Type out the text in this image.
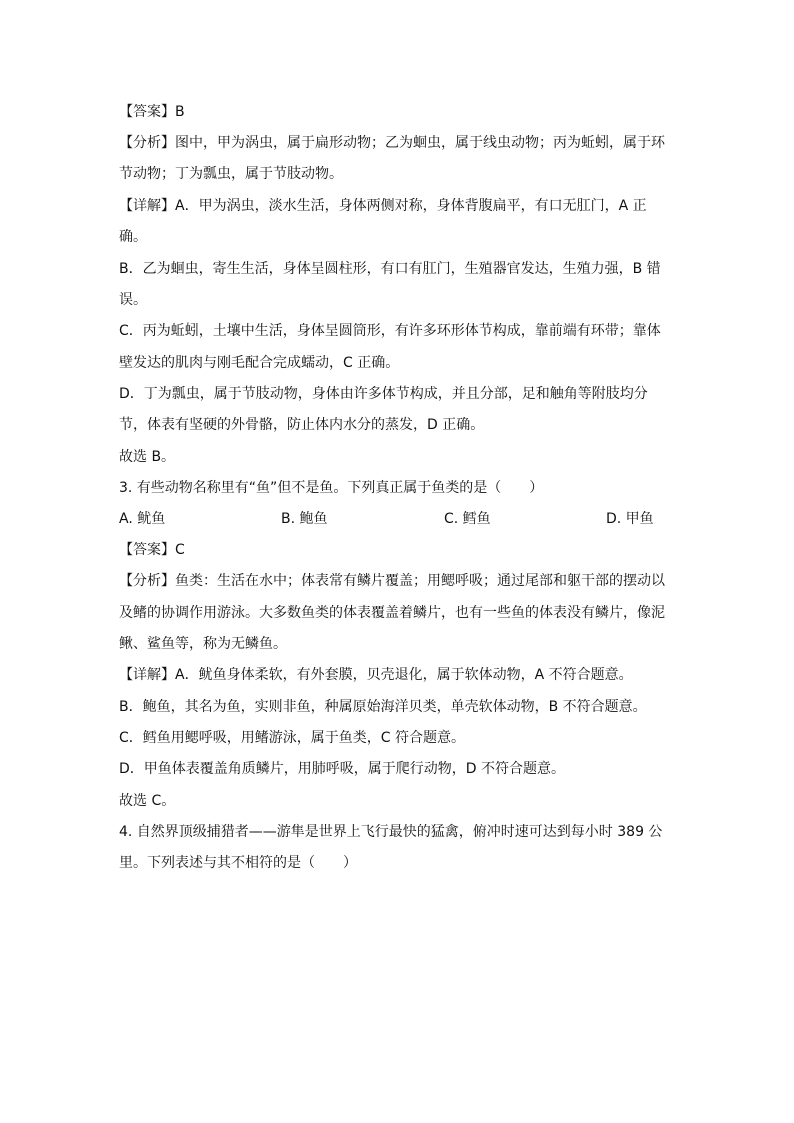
【答案】B
【分析】图中，甲为涡虫，属于扁形动物；乙为蛔虫，属于线虫动物；丙为蚯蚓，属于环
节动物；丁为瓢虫，属于节肢动物。
【详解】A．甲为涡虫，淡水生活，身体两侧对称，身体背腹扁平，有口无肛门，A 正
确。
B．乙为蛔虫，寄生生活，身体呈圆柱形，有口有肛门，生殖器官发达，生殖力强，B 错
误。
C．丙为蚯蚓，土壤中生活，身体呈圆筒形，有许多环形体节构成，靠前端有环带；靠体
壁发达的肌肉与刚毛配合完成蠕动，C 正确。
D．丁为瓢虫，属于节肢动物，身体由许多体节构成，并且分部，足和触角等附肢均分
节，体表有坚硬的外骨骼，防止体内水分的蒸发，D 正确。
故选 B。
3. 有些动物名称里有“鱼”但不是鱼。下列真正属于鱼类的是（　　）
A. 鱿鱼	B. 鲍鱼	C. 鳕鱼	D. 甲鱼
【答案】C
【分析】鱼类：生活在水中；体表常有鳞片覆盖；用鳃呼吸；通过尾部和躯干部的摆动以
及鳍的协调作用游泳。大多数鱼类的体表覆盖着鳞片，也有一些鱼的体表没有鳞片，像泥
鳅、鲨鱼等，称为无鳞鱼。
【详解】A．鱿鱼身体柔软，有外套膜，贝壳退化，属于软体动物，A 不符合题意。
B．鲍鱼，其名为鱼，实则非鱼，种属原始海洋贝类，单壳软体动物，B 不符合题意。
C．鳕鱼用鳃呼吸，用鳍游泳，属于鱼类，C 符合题意。
D．甲鱼体表覆盖角质鳞片，用肺呼吸，属于爬行动物，D 不符合题意。
故选 C。
4. 自然界顶级捕猎者——游隼是世界上飞行最快的猛禽，俯冲时速可达到每小时 389 公
里。下列表述与其不相符的是（　　）
